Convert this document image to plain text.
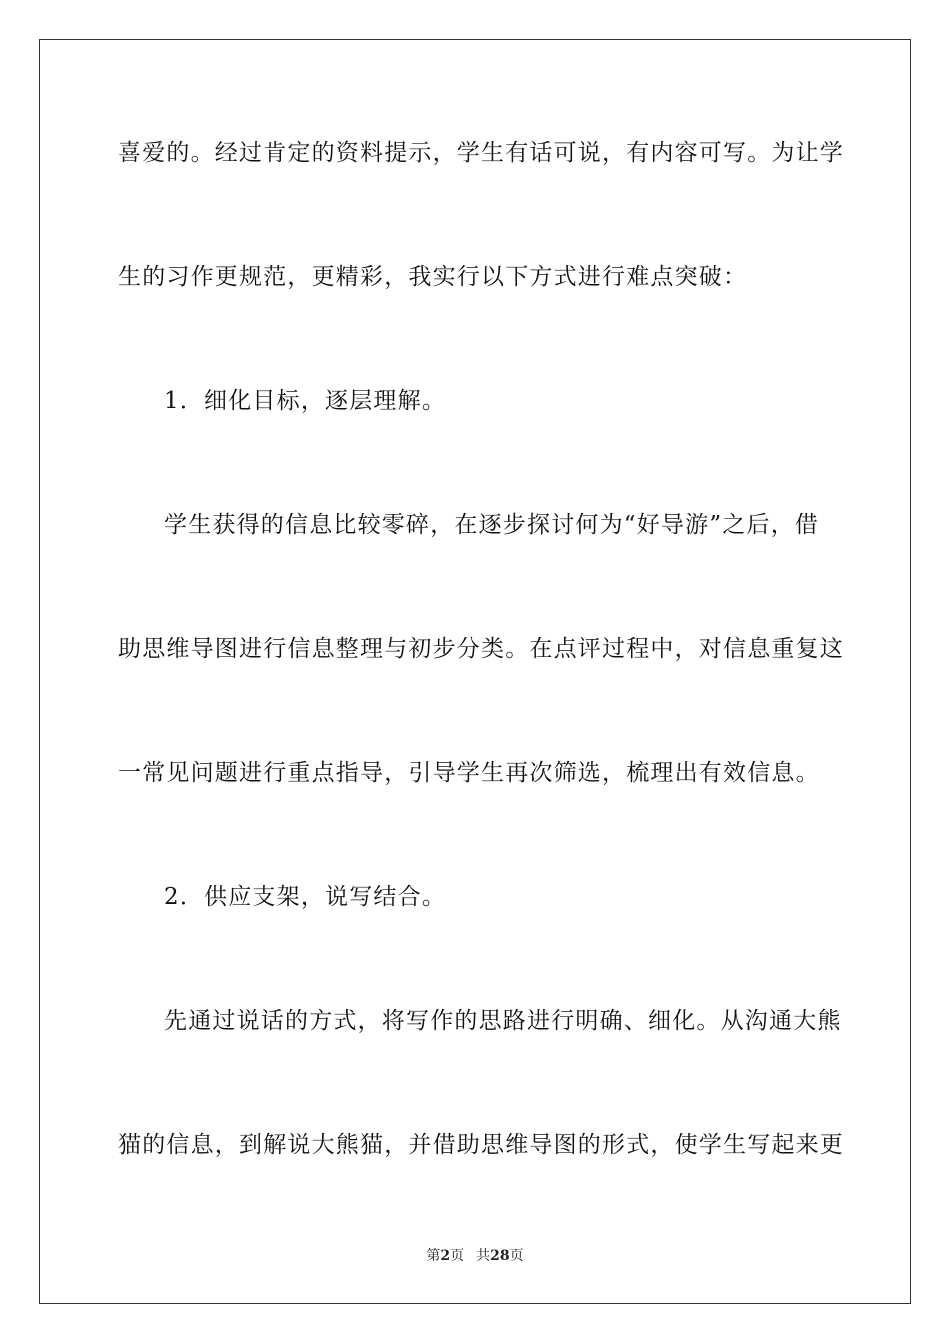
喜爱的。经过肯定的资料提示，学生有话可说，有内容可写。为让学
生的习作更规范，更精彩，我实行以下方式进行难点突破：
1．细化目标，逐层理解。
学生获得的信息比较零碎，在逐步探讨何为“好导游”之后，借
助思维导图进行信息整理与初步分类。在点评过程中，对信息重复这
一常见问题进行重点指导，引导学生再次筛选，梳理出有效信息。
2．供应支架，说写结合。
先通过说话的方式，将写作的思路进行明确、细化。从沟通大熊
猫的信息，到解说大熊猫，并借助思维导图的形式，使学生写起来更
第2页 共28页
